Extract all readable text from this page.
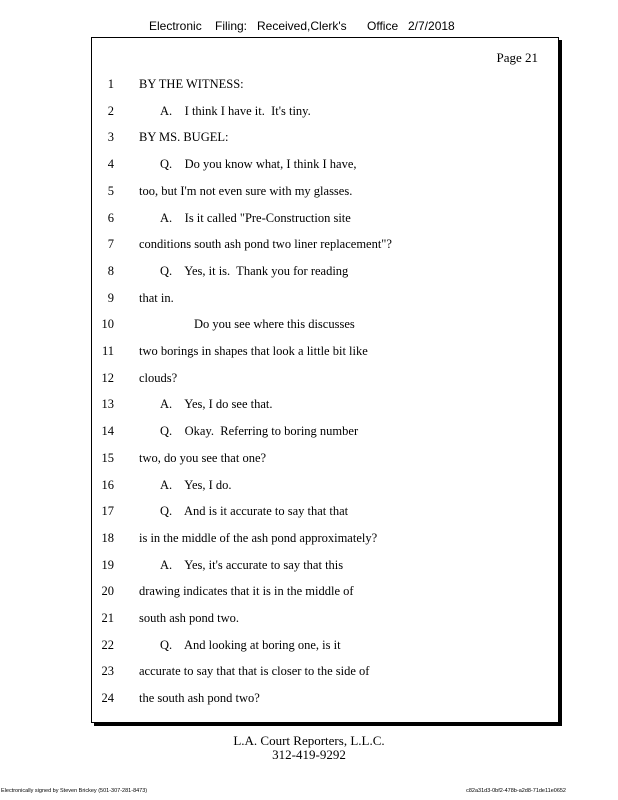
Electronic Filing: Received,Clerk's Office 2/7/2018
Page 21
1 BY THE WITNESS:
2	A.    I think I have it.  It's tiny.
3 BY MS. BUGEL:
4	Q.    Do you know what, I think I have,
5 too, but I'm not even sure with my glasses.
6	A.    Is it called "Pre-Construction site
7 conditions south ash pond two liner replacement"?
8	Q.    Yes, it is.  Thank you for reading
9 that in.
10	Do you see where this discusses
11 two borings in shapes that look a little bit like
12 clouds?
13	A.    Yes, I do see that.
14	Q.    Okay.  Referring to boring number
15 two, do you see that one?
16	A.    Yes, I do.
17	Q.    And is it accurate to say that that
18 is in the middle of the ash pond approximately?
19	A.    Yes, it's accurate to say that this
20 drawing indicates that it is in the middle of
21 south ash pond two.
22	Q.    And looking at boring one, is it
23 accurate to say that that is closer to the side of
24 the south ash pond two?
L.A. Court Reporters, L.L.C.
312-419-9292
Electronically signed by Steven Brickey (501-307-281-8473)	c82a31d3-0bf2-478b-a2d8-71de11e0652
